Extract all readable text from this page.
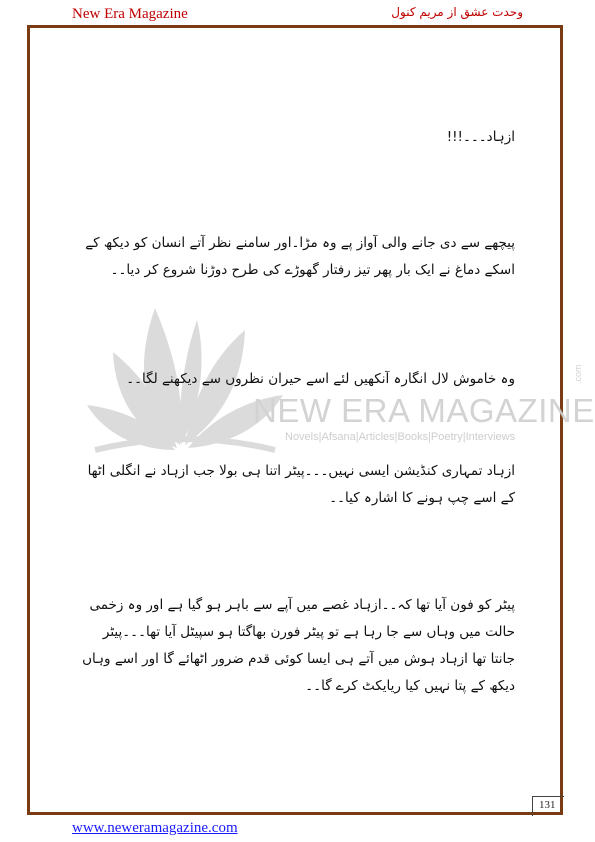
New Era Magazine	وحدت عشق از مریم کنول
NEW ERA MAGAZINE
.com
Novels|Afsana|Articles|Books|Poetry|Interviews
ازہاد۔۔۔!!!
پیچھے سے دی جانے والی آواز پے وہ مڑا۔اور سامنے نظر آتے انسان کو دیکھ کے اسکے دماغ نے ایک بار پھر تیز رفتار گھوڑے کی طرح دوڑنا شروع کر دیا۔۔
وہ خاموش لال انگارہ آنکھیں لئے اسے حیران نظروں سے دیکھنے لگا۔۔
ازہاد تمہاری کنڈیشن ایسی نہیں۔۔۔پیٹر اتنا ہی بولا جب ازہاد نے انگلی اٹھا کے اسے چپ ہونے کا اشارہ کیا۔۔
پیٹر کو فون آیا تھا کہ۔۔ازہاد غصے میں آپے سے باہر ہو گیا ہے اور وہ زخمی حالت میں وہاں سے جا رہا ہے تو پیٹر فورن بھاگتا ہو سپیٹل آیا تھا۔۔۔پیٹر جانتا تھا ازہاد ہوش میں آتے ہی ایسا کوئی قدم ضرور اٹھائے گا اور اسے وہاں دیکھ کے پتا نہیں کیا ریایکٹ کرے گا۔۔
131
www.neweramagazine.com
